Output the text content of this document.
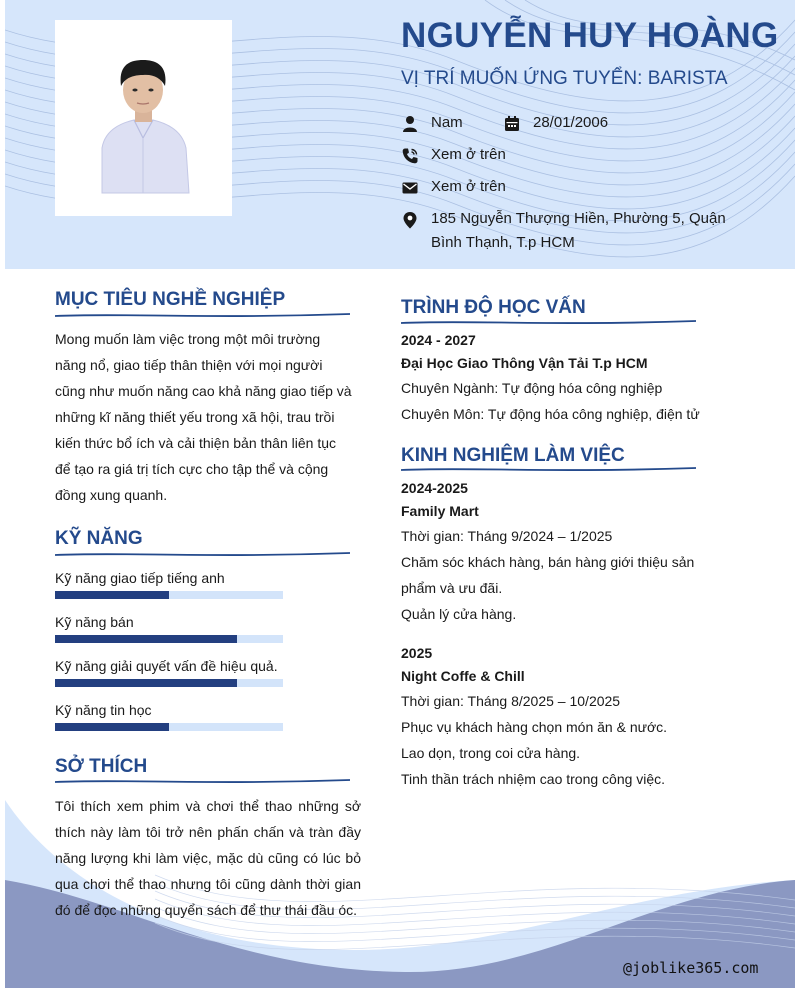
NGUYỄN HUY HOÀNG
VỊ TRÍ MUỐN ỨNG TUYỂN: BARISTA
Nam	28/01/2006
Xem ở trên
Xem ở trên
185 Nguyễn Thượng Hiền, Phường 5, Quận Bình Thạnh, T.p HCM
MỤC TIÊU NGHỀ NGHIỆP
Mong muốn làm việc trong một môi trường
năng nổ, giao tiếp thân thiện với mọi người
cũng như muốn năng cao khả năng giao tiếp và
những kĩ năng thiết yếu trong xã hội, trau trồi
kiến thức bổ ích và cải thiện bản thân liên tục
để tạo ra giá trị tích cực cho tập thể và cộng
đồng xung quanh.
KỸ NĂNG
Kỹ năng giao tiếp tiếng anh
Kỹ năng bán
Kỹ năng giải quyết vấn đề hiệu quả.
Kỹ năng tin học
SỞ THÍCH
Tôi thích xem phim và chơi thể thao những sở
thích này làm tôi trở nên phấn chấn và tràn đầy
năng lượng khi làm việc, mặc dù cũng có lúc bỏ
qua chơi thể thao nhưng tôi cũng dành thời gian
đó để đọc những quyển sách để thư thái đầu óc.
TRÌNH ĐỘ HỌC VẤN
2024 - 2027
Đại Học Giao Thông Vận Tải T.p HCM
Chuyên Ngành: Tự động hóa công nghiệp
Chuyên Môn: Tự động hóa công nghiệp, điện tử
KINH NGHIỆM LÀM VIỆC
2024-2025
Family Mart
Thời gian: Tháng 9/2024 – 1/2025
Chăm sóc khách hàng, bán hàng giới thiệu sản
phẩm và ưu đãi.
Quản lý cửa hàng.
2025
Night Coffe & Chill
Thời gian: Tháng 8/2025 – 10/2025
Phục vụ khách hàng chọn món ăn & nước.
Lao dọn, trong coi cửa hàng.
Tinh thần trách nhiệm cao trong công việc.
@joblike365.com
